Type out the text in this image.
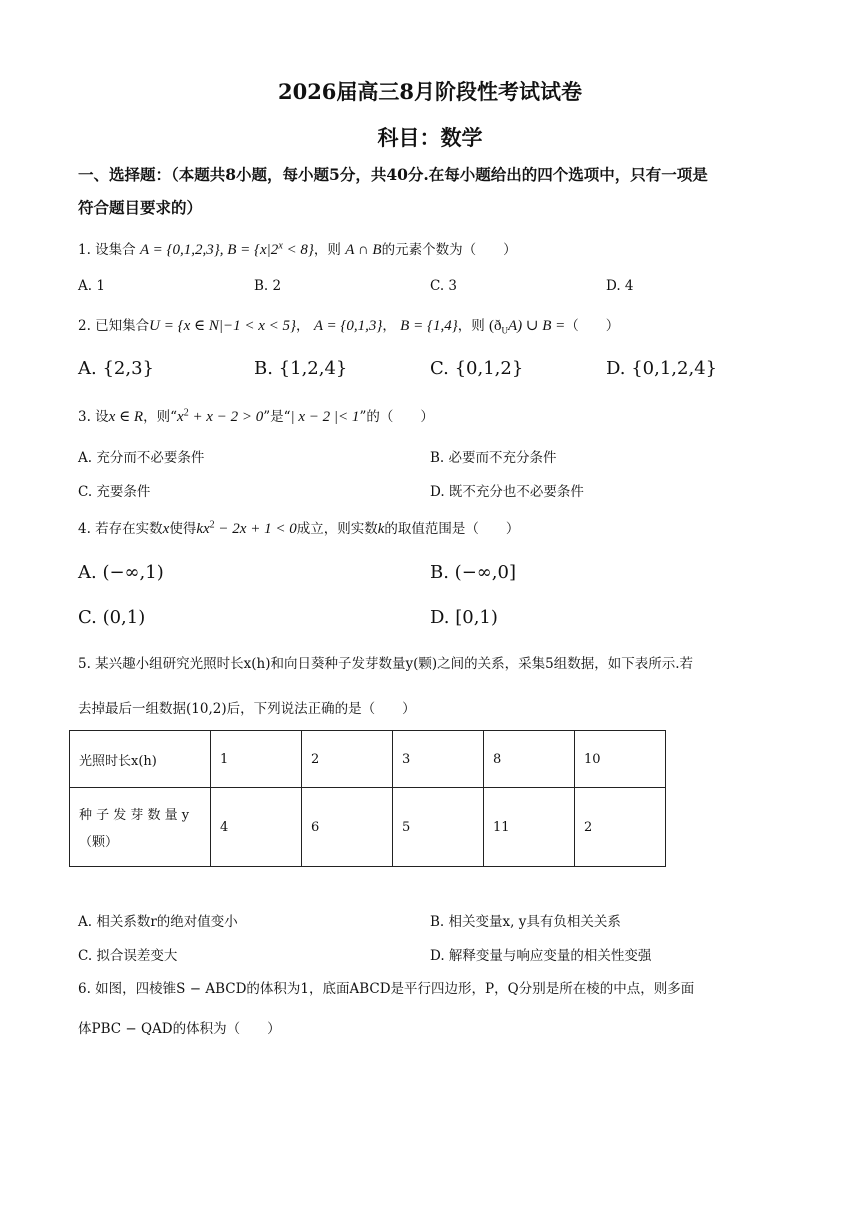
2026届高三8月阶段性考试试卷
科目：数学
一、选择题：（本题共8小题，每小题5分，共40分.在每小题给出的四个选项中，只有一项是
符合题目要求的）
1. 设集合 A = {0,1,2,3}, $B = \{x|2^x < 8\}$，则 A ∩ B的元素个数为（　　）
A. 1	B. 2	C. 3	D. 4
2. 已知集合U = {x ∈ N|−1 < x < 5}， A = {0,1,3}， B = {1,4}，则 $(ð_UA)$ ∪ B =（　　）
A. {2,3}	B. {1,2,4}	C. {0,1,2}	D. {0,1,2,4}
3. 设x ∈ R，则“$x^2 + x - 2 > 0$”是“| x − 2 |< 1”的（　　）
A. 充分而不必要条件	B. 必要而不充分条件
C. 充要条件	D. 既不充分也不必要条件
4. 若存在实数x使得$kx^2 - 2x + 1 < 0$成立，则实数k的取值范围是（　　）
A. (−∞,1)	B. (−∞,0]
C. (0,1)	D. [0,1)
5. 某兴趣小组研究光照时长x(h)和向日葵种子发芽数量y(颗)之间的关系，采集5组数据，如下表所示.若
去掉最后一组数据(10,2)后，下列说法正确的是（　　）
光照时长x(h)	1	2	3	8	10

种 子 发 芽 数 量 y
（颗）	4	6	5	11	2
A. 相关系数r的绝对值变小	B. 相关变量x, y具有负相关关系
C. 拟合误差变大	D. 解释变量与响应变量的相关性变强
6. 如图，四棱锥S − ABCD的体积为1，底面ABCD是平行四边形，P，Q分别是所在棱的中点，则多面
体PBC − QAD的体积为（　　）
